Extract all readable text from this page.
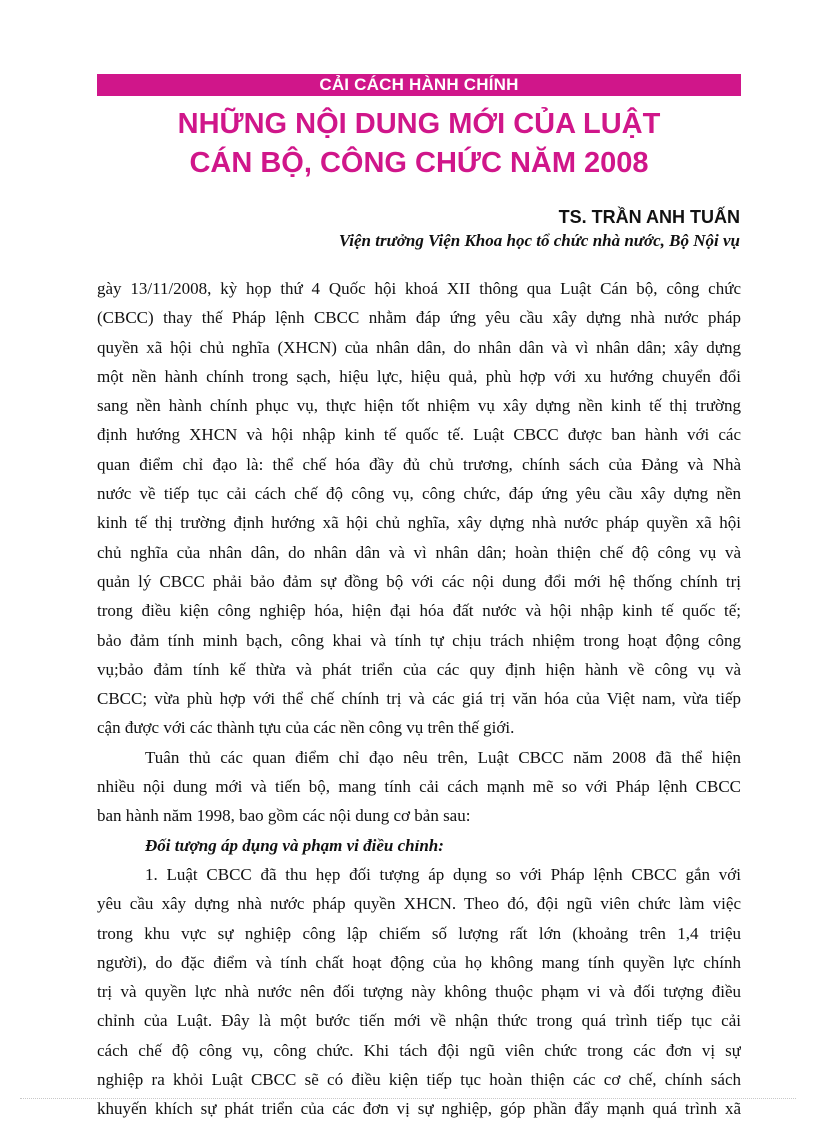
CẢI CÁCH HÀNH CHÍNH
NHỮNG NỘI DUNG MỚI CỦA LUẬT
CÁN BỘ, CÔNG CHỨC NĂM 2008
TS. TRẦN ANH TUẤN
Viện trưởng Viện Khoa học tổ chức nhà nước, Bộ Nội vụ
gày 13/11/2008, kỳ họp thứ 4 Quốc hội khoá XII thông qua Luật Cán bộ, công chức
(CBCC) thay thế Pháp lệnh CBCC nhằm đáp ứng yêu cầu xây dựng nhà nước pháp
quyền xã hội chủ nghĩa (XHCN) của nhân dân, do nhân dân và vì nhân dân; xây dựng
một nền hành chính trong sạch, hiệu lực, hiệu quả, phù hợp với xu hướng chuyển đổi
sang nền hành chính phục vụ, thực hiện tốt nhiệm vụ xây dựng nền kinh tế thị trường
định hướng XHCN và hội nhập kinh tế quốc tế. Luật CBCC được ban hành với các
quan điểm chỉ đạo là: thể chế hóa đầy đủ chủ trương, chính sách của Đảng và Nhà
nước về tiếp tục cải cách chế độ công vụ, công chức, đáp ứng yêu cầu xây dựng nền
kinh tế thị trường định hướng xã hội chủ nghĩa, xây dựng nhà nước pháp quyền xã hội
chủ nghĩa của nhân dân, do nhân dân và vì nhân dân; hoàn thiện chế độ công vụ và
quản lý CBCC phải bảo đảm sự đồng bộ với các nội dung đổi mới hệ thống chính trị
trong điều kiện công nghiệp hóa, hiện đại hóa đất nước và hội nhập kinh tế quốc tế;
bảo đảm tính minh bạch, công khai và tính tự chịu trách nhiệm trong hoạt động công
vụ;bảo đảm tính kế thừa và phát triển của các quy định hiện hành về công vụ và
CBCC; vừa phù hợp với thể chế chính trị và các giá trị văn hóa của Việt nam, vừa tiếp
cận được với các thành tựu của các nền công vụ trên thế giới.
Tuân thủ các quan điểm chỉ đạo nêu trên, Luật CBCC năm 2008 đã thể hiện
nhiều nội dung mới và tiến bộ, mang tính cải cách mạnh mẽ so với Pháp lệnh CBCC
ban hành năm 1998, bao gồm các nội dung cơ bản sau:
Đối tượng áp dụng và phạm vi điều chỉnh:
1. Luật CBCC đã thu hẹp đối tượng áp dụng so với Pháp lệnh CBCC gắn với
yêu cầu xây dựng nhà nước pháp quyền XHCN. Theo đó, đội ngũ viên chức làm việc
trong khu vực sự nghiệp công lập chiếm số lượng rất lớn (khoảng trên 1,4 triệu
người), do đặc điểm và tính chất hoạt động của họ không mang tính quyền lực chính
trị và quyền lực nhà nước nên đối tượng này không thuộc phạm vi và đối tượng điều
chỉnh của Luật. Đây là một bước tiến mới về nhận thức trong quá trình tiếp tục cải
cách chế độ công vụ, công chức. Khi tách đội ngũ viên chức trong các đơn vị sự
nghiệp ra khỏi Luật CBCC sẽ có điều kiện tiếp tục hoàn thiện các cơ chế, chính sách
khuyến khích sự phát triển của các đơn vị sự nghiệp, góp phần đẩy mạnh quá trình xã
